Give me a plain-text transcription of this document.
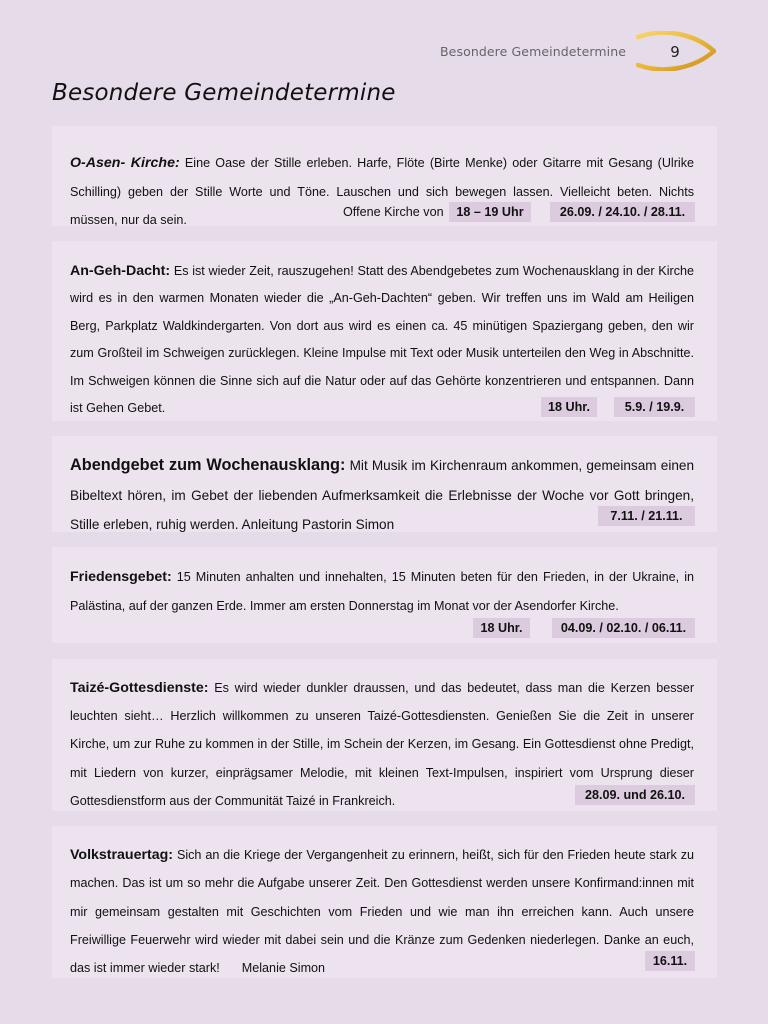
Besondere Gemeindetermine	9
Besondere Gemeindetermine

O-Asen- Kirche: Eine Oase der Stille erleben. Harfe, Flöte (Birte Menke) oder Gitarre mit Gesang (Ulrike Schilling) geben der Stille Worte und Töne. Lauschen und sich bewegen lassen. Vielleicht beten. Nichts müssen, nur da sein.

Offene Kirche von	18 – 19 Uhr	26.09. / 24.10. / 28.11.

An-Geh-Dacht: Es ist wieder Zeit, rauszugehen! Statt des Abendgebetes zum Wochenausklang in der Kirche wird es in den warmen Monaten wieder die „An-Geh-Dachten“ geben. Wir treffen uns im Wald am Heiligen Berg, Parkplatz Waldkindergarten. Von dort aus wird es einen ca. 45 minütigen Spaziergang geben, den wir zum Großteil im Schweigen zurücklegen. Kleine Impulse mit Text oder Musik unterteilen den Weg in Abschnitte. Im Schweigen können die Sinne sich auf die Natur oder auf das Gehörte konzentrieren und entspannen. Dann ist Gehen Gebet.	18 Uhr.	5.9. / 19.9.

Abendgebet zum Wochenausklang: Mit Musik im Kirchenraum ankommen, gemeinsam einen Bibeltext hören, im Gebet der liebenden Aufmerksamkeit die Erlebnisse der Woche vor Gott bringen, Stille erleben, ruhig werden. Anleitung Pastorin Simon

7.11. / 21.11.

Friedensgebet: 15 Minuten anhalten und innehalten, 15 Minuten beten für den Frieden, in der Ukraine, in Palästina, auf der ganzen Erde. Immer am ersten Donnerstag im Monat vor der Asendorfer Kirche.

18 Uhr.	04.09. / 02.10. / 06.11.

Taizé-Gottesdienste: Es wird wieder dunkler draussen, und das bedeutet, dass man die Kerzen besser leuchten sieht… Herzlich willkommen zu unseren Taizé-Gottesdiensten. Genießen Sie die Zeit in unserer Kirche, um zur Ruhe zu kommen in der Stille, im Schein der Kerzen, im Gesang. Ein Gottesdienst ohne Predigt, mit Liedern von kurzer, einprägsamer Melodie, mit kleinen Text-Impulsen, inspiriert vom Ursprung dieser Gottesdienstform aus der Communität Taizé in Frankreich.	28.09. und 26.10.

Volkstrauertag: Sich an die Kriege der Vergangenheit zu erinnern, heißt, sich für den Frieden heute stark zu machen. Das ist um so mehr die Aufgabe unserer Zeit. Den Gottesdienst werden unsere Konfirmand:innen mit mir gemeinsam gestalten mit Geschichten vom Frieden und wie man ihn erreichen kann. Auch unsere Freiwillige Feuerwehr wird wieder mit dabei sein und die Kränze zum Gedenken niederlegen. Danke an euch, das ist immer wieder stark! Melanie Simon

16.11.
